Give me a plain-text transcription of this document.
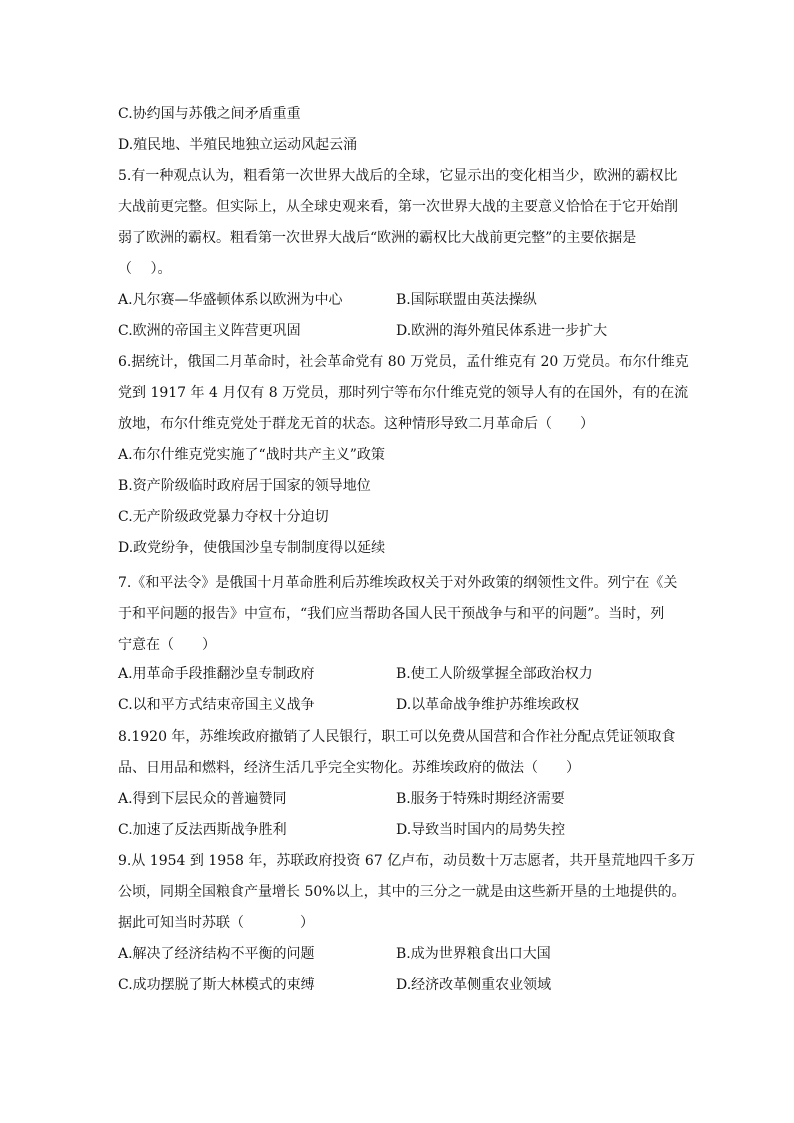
C.协约国与苏俄之间矛盾重重
D.殖民地、半殖民地独立运动风起云涌
5.有一种观点认为，粗看第一次世界大战后的全球，它显示出的变化相当少，欧洲的霸权比
大战前更完整。但实际上，从全球史观来看，第一次世界大战的主要意义恰恰在于它开始削
弱了欧洲的霸权。粗看第一次世界大战后“欧洲的霸权比大战前更完整”的主要依据是
（　 ）。
A.凡尔赛—华盛顿体系以欧洲为中心	B.国际联盟由英法操纵
C.欧洲的帝国主义阵营更巩固	D.欧洲的海外殖民体系进一步扩大
6.据统计，俄国二月革命时，社会革命党有 80 万党员，孟什维克有 20 万党员。布尔什维克
党到 1917 年 4 月仅有 8 万党员，那时列宁等布尔什维克党的领导人有的在国外，有的在流
放地，布尔什维克党处于群龙无首的状态。这种情形导致二月革命后（　　）
A.布尔什维克党实施了“战时共产主义”政策
B.资产阶级临时政府居于国家的领导地位
C.无产阶级政党暴力夺权十分迫切
D.政党纷争，使俄国沙皇专制制度得以延续
7.《和平法令》是俄国十月革命胜利后苏维埃政权关于对外政策的纲领性文件。列宁在《关
于和平问题的报告》中宣布，“我们应当帮助各国人民干预战争与和平的问题”。当时，列
宁意在（　　）
A.用革命手段推翻沙皇专制政府	B.使工人阶级掌握全部政治权力
C.以和平方式结束帝国主义战争	D.以革命战争维护苏维埃政权
8.1920 年，苏维埃政府撤销了人民银行，职工可以免费从国营和合作社分配点凭证领取食
品、日用品和燃料，经济生活几乎完全实物化。苏维埃政府的做法（　　）
A.得到下层民众的普遍赞同	B.服务于特殊时期经济需要
C.加速了反法西斯战争胜利	D.导致当时国内的局势失控
9.从 1954 到 1958 年，苏联政府投资 67 亿卢布，动员数十万志愿者，共开垦荒地四千多万
公顷，同期全国粮食产量增长 50%以上，其中的三分之一就是由这些新开垦的土地提供的。
据此可知当时苏联（　　　　）
A.解决了经济结构不平衡的问题	B.成为世界粮食出口大国
C.成功摆脱了斯大林模式的束缚	D.经济改革侧重农业领域
